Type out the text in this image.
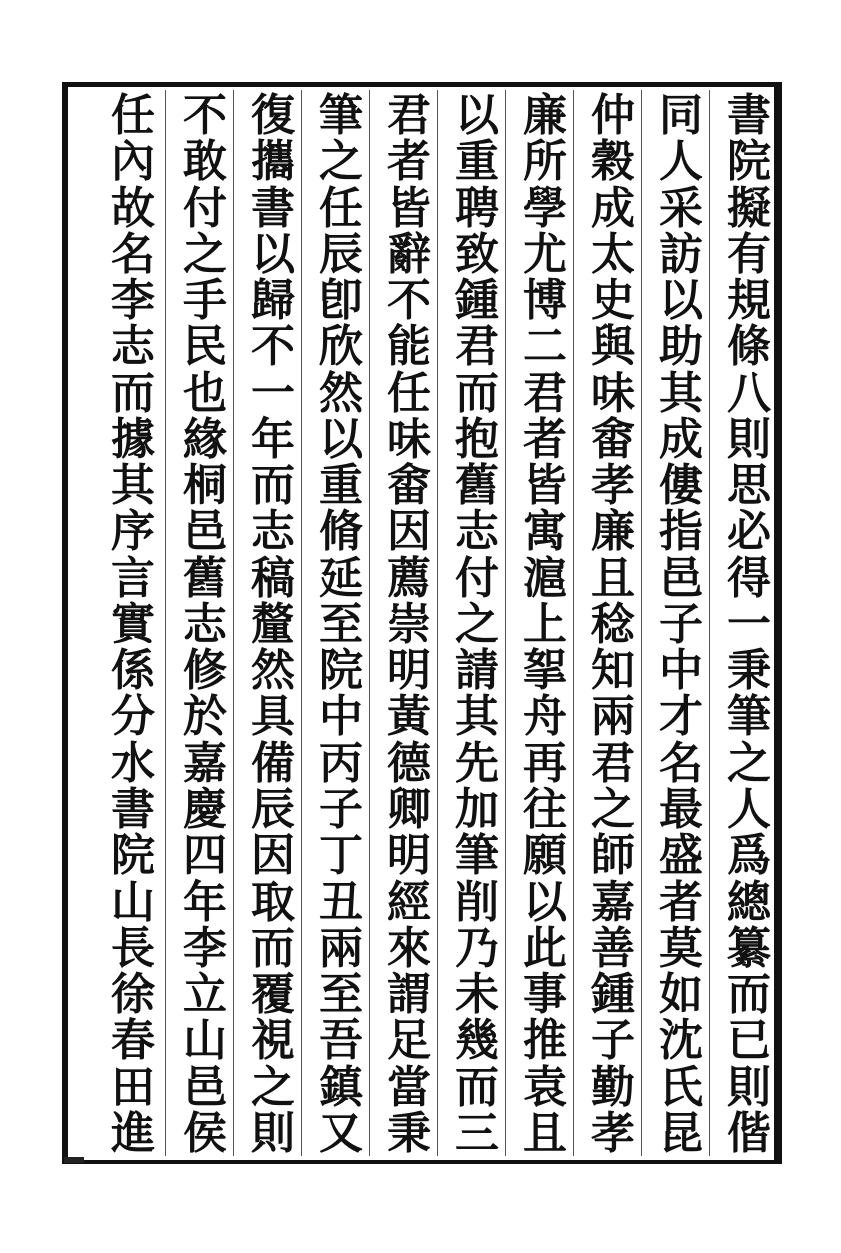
書
院
擬
有
規
條
八
則
思
必
得
一
秉
筆
之
人
爲
總
纂
而
已
則
偕
同
人
采
訪
以
助
其
成
僂
指
邑
子
中
才
名
最
盛
者
莫
如
沈
氏
昆
仲
穀
成
太
史
與
味
畬
孝
廉
且
稔
知
兩
君
之
師
嘉
善
鍾
子
勤
孝
廉
所
學
尤
博
二
君
者
皆
寓
滬
上
挐
舟
再
往
願
以
此
事
推
袁
且
以
重
聘
致
鍾
君
而
抱
舊
志
付
之
請
其
先
加
筆
削
乃
未
幾
而
三
君
者
皆
辭
不
能
任
味
畬
因
薦
崇
明
黃
德
卿
明
經
來
謂
足
當
秉
筆
之
任
辰
卽
欣
然
以
重
脩
延
至
院
中
丙
子
丁
丑
兩
至
吾
鎮
又
復
攜
書
以
歸
不
一
年
而
志
稿
釐
然
具
備
辰
因
取
而
覆
視
之
則
不
敢
付
之
手
民
也
緣
桐
邑
舊
志
修
於
嘉
慶
四
年
李
立
山
邑
侯
任
內
故
名
李
志
而
據
其
序
言
實
係
分
水
書
院
山
長
徐
春
田
進
